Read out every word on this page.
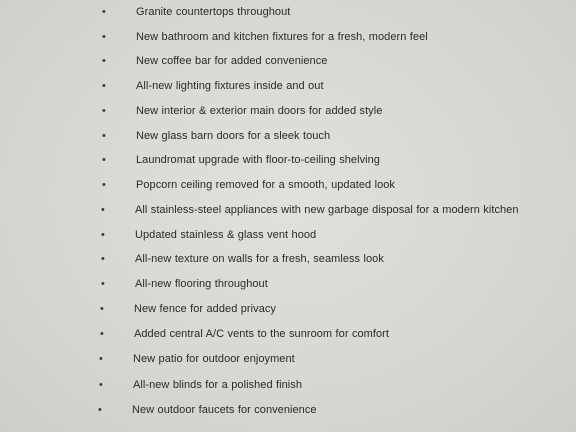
•	Granite countertops throughout
•	New bathroom and kitchen fixtures for a fresh, modern feel
•	New coffee bar for added convenience
•	All-new lighting fixtures inside and out
•	New interior & exterior main doors for added style
•	New glass barn doors for a sleek touch
•	Laundromat upgrade with floor-to-ceiling shelving
•	Popcorn ceiling removed for a smooth, updated look
•	All stainless-steel appliances with new garbage disposal for a modern kitchen
•	Updated stainless & glass vent hood
•	All-new texture on walls for a fresh, seamless look
•	All-new flooring throughout
•	New fence for added privacy
•	Added central A/C vents to the sunroom for comfort
•	New patio for outdoor enjoyment
•	All-new blinds for a polished finish
•	New outdoor faucets for convenience
